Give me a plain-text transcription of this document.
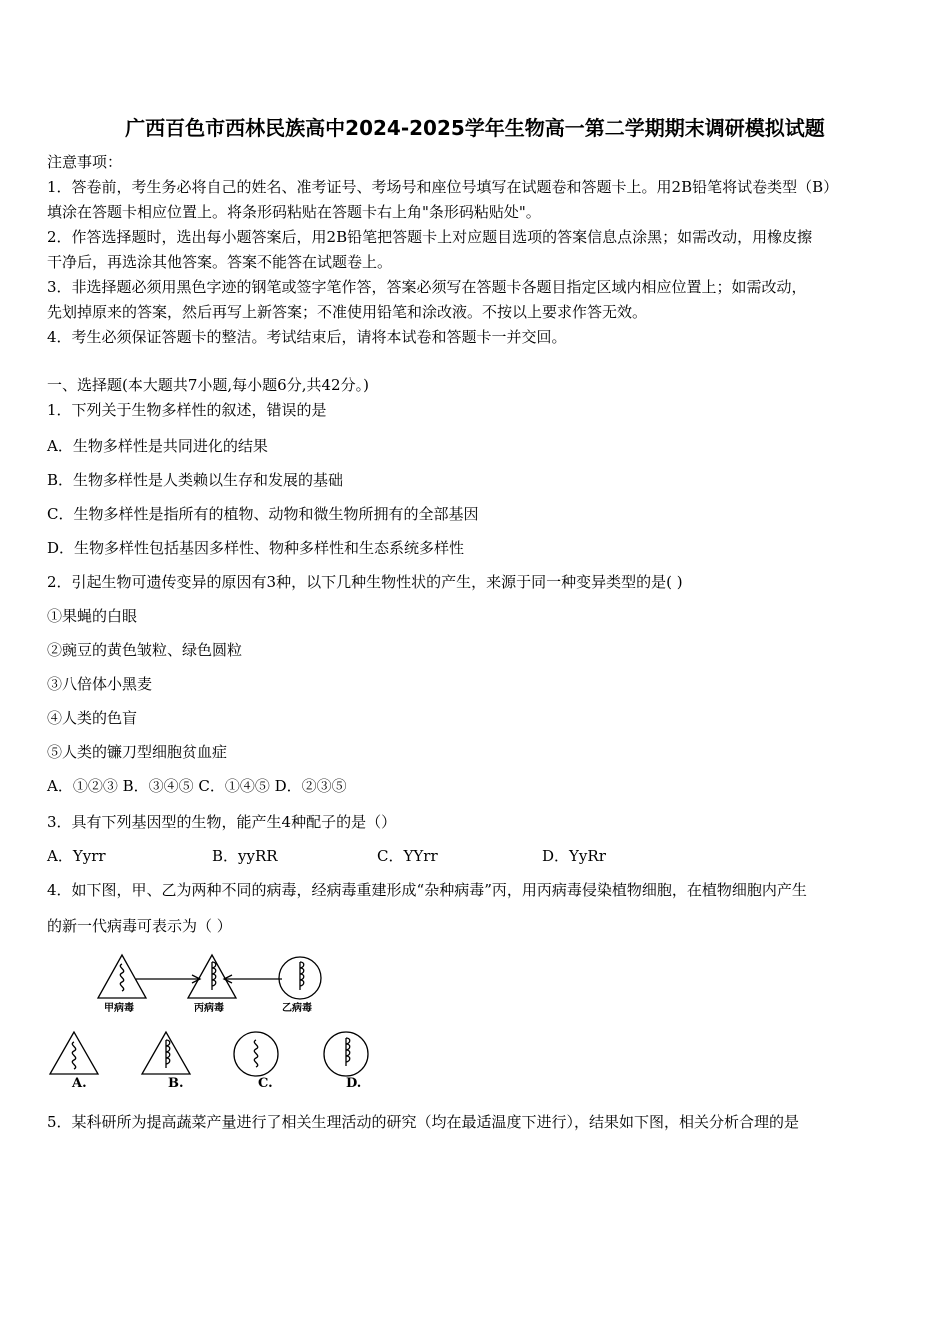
广西百色市西林民族高中2024-2025学年生物高一第二学期期末调研模拟试题
注意事项：
1．答卷前，考生务必将自己的姓名、准考证号、考场号和座位号填写在试题卷和答题卡上。用2B铅笔将试卷类型（B）
填涂在答题卡相应位置上。将条形码粘贴在答题卡右上角"条形码粘贴处"。
2．作答选择题时，选出每小题答案后，用2B铅笔把答题卡上对应题目选项的答案信息点涂黑；如需改动，用橡皮擦
干净后，再选涂其他答案。答案不能答在试题卷上。
3．非选择题必须用黑色字迹的钢笔或签字笔作答，答案必须写在答题卡各题目指定区域内相应位置上；如需改动，
先划掉原来的答案，然后再写上新答案；不准使用铅笔和涂改液。不按以上要求作答无效。
4．考生必须保证答题卡的整洁。考试结束后，请将本试卷和答题卡一并交回。
一、选择题(本大题共7小题,每小题6分,共42分。)
1．下列关于生物多样性的叙述，错误的是
A．生物多样性是共同进化的结果
B．生物多样性是人类赖以生存和发展的基础
C．生物多样性是指所有的植物、动物和微生物所拥有的全部基因
D．生物多样性包括基因多样性、物种多样性和生态系统多样性
2．引起生物可遗传变异的原因有3种，以下几种生物性状的产生，来源于同一种变异类型的是( )
①果蝇的白眼
②豌豆的黄色皱粒、绿色圆粒
③八倍体小黑麦
④人类的色盲
⑤人类的镰刀型细胞贫血症
A．①②③ B．③④⑤ C．①④⑤ D．②③⑤
3．具有下列基因型的生物，能产生4种配子的是（）
A．Yyrr	B．yyRR	C．YYrr	D．YyRr
4．如下图，甲、乙为两种不同的病毒，经病毒重建形成“杂种病毒”丙，用丙病毒侵染植物细胞，在植物细胞内产生
的新一代病毒可表示为（ ）
甲病毒	丙病毒	乙病毒
A.	B.	C.	D.
5．某科研所为提高蔬菜产量进行了相关生理活动的研究（均在最适温度下进行），结果如下图，相关分析合理的是
